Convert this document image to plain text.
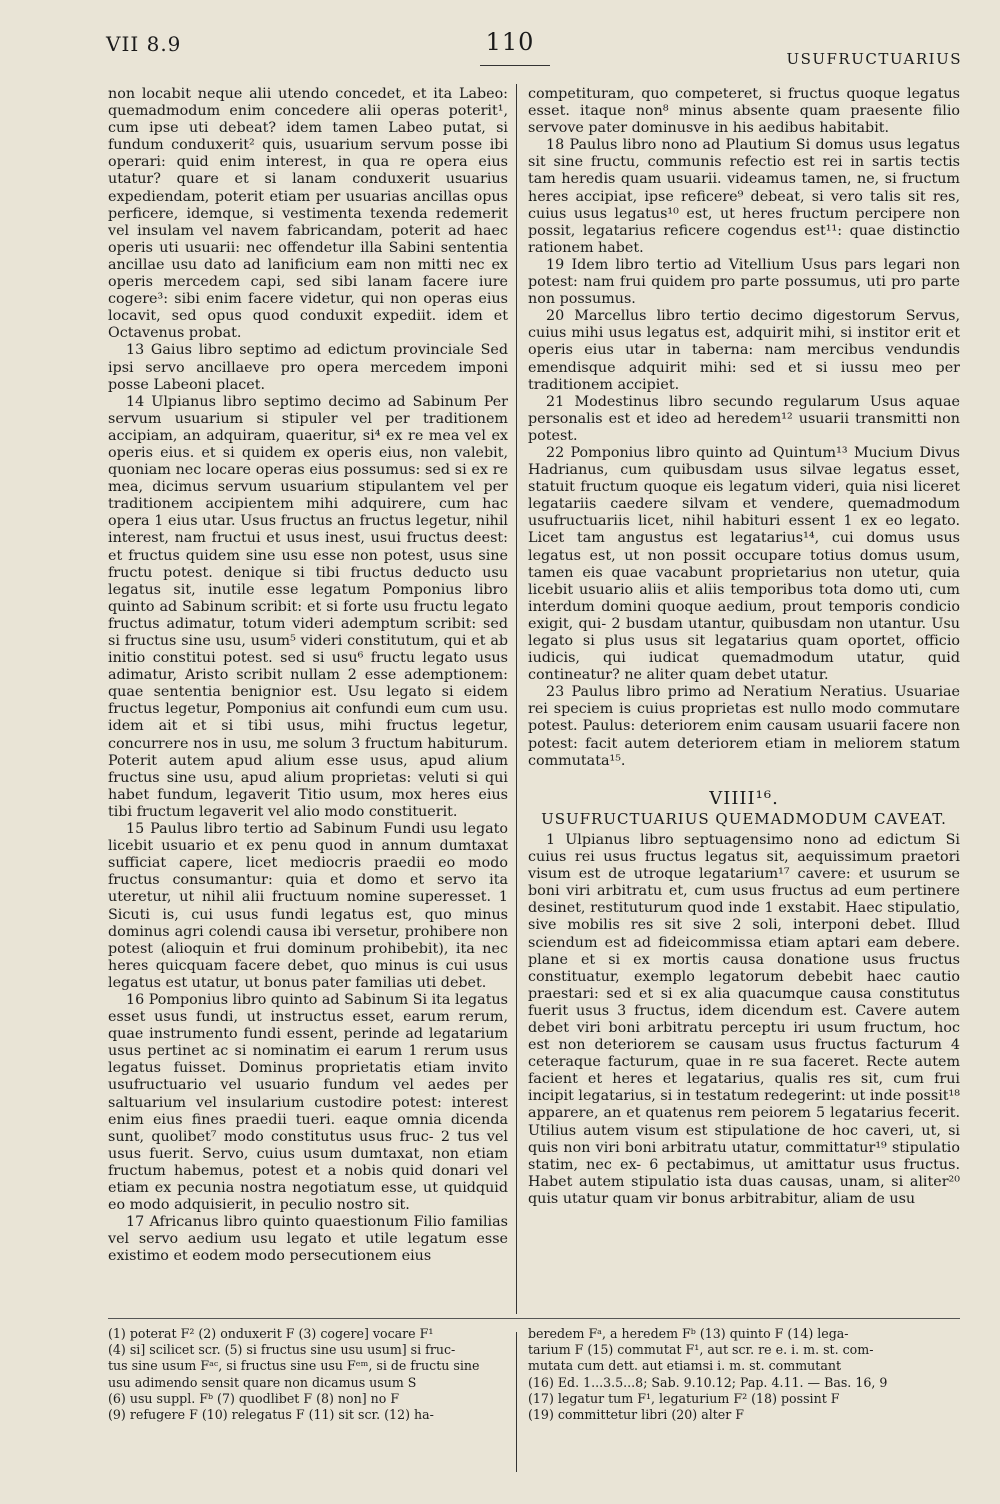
VII 8.9	110
USUFRUCTUARIUS

non locabit neque alii utendo concedet, et ita Labeo: quemadmodum enim concedere alii operas poterit¹, cum ipse uti debeat? idem tamen Labeo putat, si fundum conduxerit² quis, usuarium servum posse ibi operari: quid enim interest, in qua re opera eius utatur? quare et si lanam conduxerit usuarius expediendam, poterit etiam per usuarias ancillas opus perficere, idemque, si vestimenta texenda redemerit vel insulam vel navem fabricandam, poterit ad haec operis uti usuarii: nec offendetur illa Sabini sententia ancillae usu dato ad lanificium eam non mitti nec ex operis mercedem capi, sed sibi lanam facere iure cogere³: sibi enim facere videtur, qui non operas eius locavit, sed opus quod conduxit expediit. idem et Octavenus probat.

13 Gaius libro septimo ad edictum provinciale Sed ipsi servo ancillaeve pro opera mercedem imponi posse Labeoni placet.

14 Ulpianus libro septimo decimo ad Sabinum Per servum usuarium si stipuler vel per traditionem accipiam, an adquiram, quaeritur, si⁴ ex re mea vel ex operis eius. et si quidem ex operis eius, non valebit, quoniam nec locare operas eius possumus: sed si ex re mea, dicimus servum usuarium stipulantem vel per traditionem accipientem mihi adquirere, cum hac opera 1 eius utar. Usus fructus an fructus legetur, nihil interest, nam fructui et usus inest, usui fructus deest: et fructus quidem sine usu esse non potest, usus sine fructu potest. denique si tibi fructus deducto usu legatus sit, inutile esse legatum Pomponius libro quinto ad Sabinum scribit: et si forte usu fructu legato fructus adimatur, totum videri ademptum scribit: sed si fructus sine usu, usum⁵ videri constitutum, qui et ab initio constitui potest. sed si usu⁶ fructu legato usus adimatur, Aristo scribit nullam 2 esse ademptionem: quae sententia benignior est. Usu legato si eidem fructus legetur, Pomponius ait confundi eum cum usu. idem ait et si tibi usus, mihi fructus legetur, concurrere nos in usu, me solum 3 fructum habiturum. Poterit autem apud alium esse usus, apud alium fructus sine usu, apud alium proprietas: veluti si qui habet fundum, legaverit Titio usum, mox heres eius tibi fructum legaverit vel alio modo constituerit.

15 Paulus libro tertio ad Sabinum Fundi usu legato licebit usuario et ex penu quod in annum dumtaxat sufficiat capere, licet mediocris praedii eo modo fructus consumantur: quia et domo et servo ita uteretur, ut nihil alii fructuum nomine superesset. 1 Sicuti is, cui usus fundi legatus est, quo minus dominus agri colendi causa ibi versetur, prohibere non potest (alioquin et frui dominum prohibebit), ita nec heres quicquam facere debet, quo minus is cui usus legatus est utatur, ut bonus pater familias uti debet.

16 Pomponius libro quinto ad Sabinum Si ita legatus esset usus fundi, ut instructus esset, earum rerum, quae instrumento fundi essent, perinde ad legatarium usus pertinet ac si nominatim ei earum 1 rerum usus legatus fuisset. Dominus proprietatis etiam invito usufructuario vel usuario fundum vel aedes per saltuarium vel insularium custodire potest: interest enim eius fines praedii tueri. eaque omnia dicenda sunt, quolibet⁷ modo constitutus usus fruc- 2 tus vel usus fuerit. Servo, cuius usum dumtaxat, non etiam fructum habemus, potest et a nobis quid donari vel etiam ex pecunia nostra negotiatum esse, ut quidquid eo modo adquisierit, in peculio nostro sit.

17 Africanus libro quinto quaestionum Filio familias vel servo aedium usu legato et utile legatum esse existimo et eodem modo persecutionem eius

competituram, quo competeret, si fructus quoque legatus esset. itaque non⁸ minus absente quam praesente filio servove pater dominusve in his aedibus habitabit.

18 Paulus libro nono ad Plautium Si domus usus legatus sit sine fructu, communis refectio est rei in sartis tectis tam heredis quam usuarii. videamus tamen, ne, si fructum heres accipiat, ipse reficere⁹ debeat, si vero talis sit res, cuius usus legatus¹⁰ est, ut heres fructum percipere non possit, legatarius reficere cogendus est¹¹: quae distinctio rationem habet.

19 Idem libro tertio ad Vitellium Usus pars legari non potest: nam frui quidem pro parte possumus, uti pro parte non possumus.

20 Marcellus libro tertio decimo digestorum Servus, cuius mihi usus legatus est, adquirit mihi, si institor erit et operis eius utar in taberna: nam mercibus vendundis emendisque adquirit mihi: sed et si iussu meo per traditionem accipiet.

21 Modestinus libro secundo regularum Usus aquae personalis est et ideo ad heredem¹² usuarii transmitti non potest.

22 Pomponius libro quinto ad Quintum¹³ Mucium Divus Hadrianus, cum quibusdam usus silvae legatus esset, statuit fructum quoque eis legatum videri, quia nisi liceret legatariis caedere silvam et vendere, quemadmodum usufructuariis licet, nihil habituri essent 1 ex eo legato. Licet tam angustus est legatarius¹⁴, cui domus usus legatus est, ut non possit occupare totius domus usum, tamen eis quae vacabunt proprietarius non utetur, quia licebit usuario aliis et aliis temporibus tota domo uti, cum interdum domini quoque aedium, prout temporis condicio exigit, qui- 2 busdam utantur, quibusdam non utantur. Usu legato si plus usus sit legatarius quam oportet, officio iudicis, qui iudicat quemadmodum utatur, quid contineatur? ne aliter quam debet utatur.

23 Paulus libro primo ad Neratium Neratius. Usuariae rei speciem is cuius proprietas est nullo modo commutare potest. Paulus: deteriorem enim causam usuarii facere non potest: facit autem deteriorem etiam in meliorem statum commutata¹⁵.

VIIII¹⁶.
USUFRUCTUARIUS QUEMADMODUM CAVEAT.

1 Ulpianus libro septuagensimo nono ad edictum Si cuius rei usus fructus legatus sit, aequissimum praetori visum est de utroque legatarium¹⁷ cavere: et usurum se boni viri arbitratu et, cum usus fructus ad eum pertinere desinet, restituturum quod inde 1 exstabit. Haec stipulatio, sive mobilis res sit sive 2 soli, interponi debet. Illud sciendum est ad fideicommissa etiam aptari eam debere. plane et si ex mortis causa donatione usus fructus constituatur, exemplo legatorum debebit haec cautio praestari: sed et si ex alia quacumque causa constitutus fuerit usus 3 fructus, idem dicendum est. Cavere autem debet viri boni arbitratu perceptu iri usum fructum, hoc est non deteriorem se causam usus fructus facturum 4 ceteraque facturum, quae in re sua faceret. Recte autem facient et heres et legatarius, qualis res sit, cum frui incipit legatarius, si in testatum redegerint: ut inde possit¹⁸ apparere, an et quatenus rem peiorem 5 legatarius fecerit. Utilius autem visum est stipulatione de hoc caveri, ut, si quis non viri boni arbitratu utatur, committatur¹⁹ stipulatio statim, nec ex- 6 pectabimus, ut amittatur usus fructus. Habet autem stipulatio ista duas causas, unam, si aliter²⁰ quis utatur quam vir bonus arbitrabitur, aliam de usu

(1) poterat F² (2) onduxerit F (3) cogere] vocare F¹
(4) si] scilicet scr. (5) si fructus sine usu usum] si fruc-
tus sine usum Fᵃᶜ, si fructus sine usu Fᵉᵐ, si de fructu sine
usu adimendo sensit quare non dicamus usum S
(6) usu suppl. Fᵇ (7) quodlibet F (8) non] no F
(9) refugere F (10) relegatus F (11) sit scr. (12) ha-
beredem Fᵃ, a heredem Fᵇ (13) quinto F (14) lega-
tarium F (15) commutat F¹, aut scr. re e. i. m. st. com-
mutata cum dett. aut etiamsi i. m. st. commutant
(16) Ed. 1...3.5...8; Sab. 9.10.12; Pap. 4.11. — Bas. 16, 9
(17) legatur tum F¹, legaturium F² (18) possint F
(19) committetur libri (20) alter F
